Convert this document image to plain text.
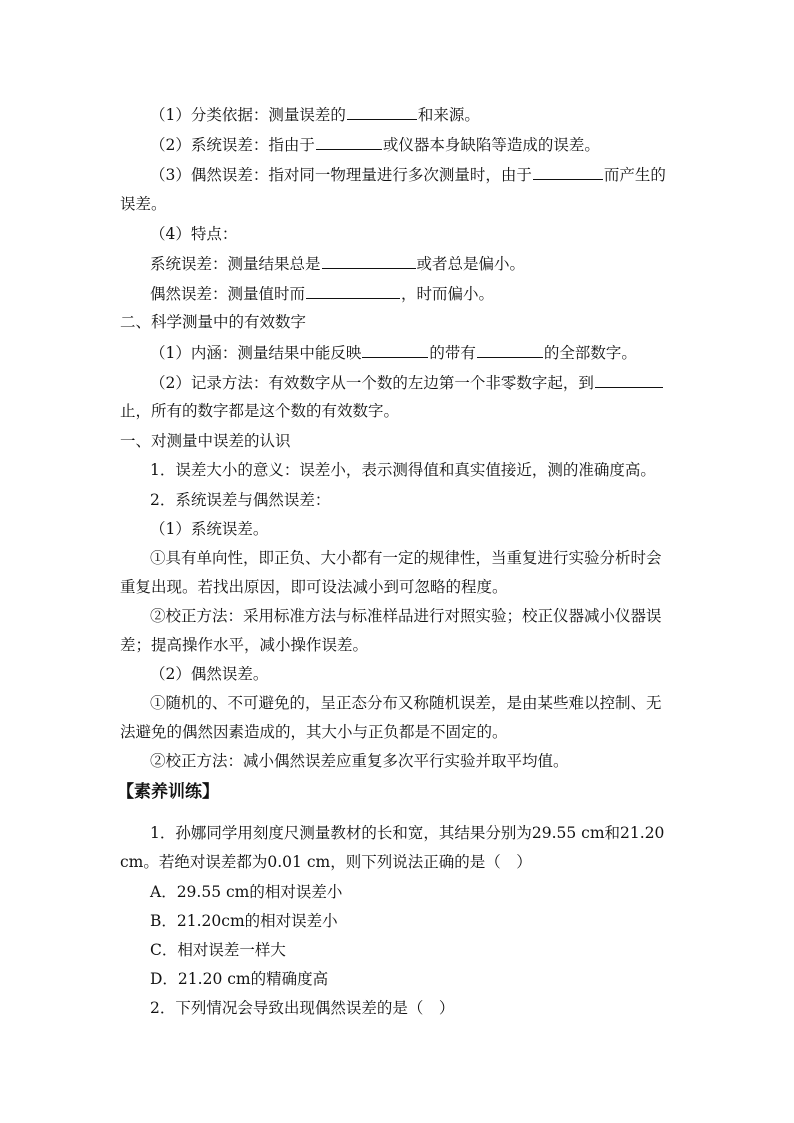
（1）分类依据：测量误差的	和来源。
（2）系统误差：指由于	或仪器本身缺陷等造成的误差。
（3）偶然误差：指对同一物理量进行多次测量时，由于	而产生的
误差。
（4）特点：
系统误差：测量结果总是	或者总是偏小。
偶然误差：测量值时而	，时而偏小。
二、科学测量中的有效数字
（1）内涵：测量结果中能反映	的带有	的全部数字。
（2）记录方法：有效数字从一个数的左边第一个非零数字起，到
止，所有的数字都是这个数的有效数字。
一、对测量中误差的认识
1．误差大小的意义：误差小，表示测得值和真实值接近，测的准确度高。
2．系统误差与偶然误差：
（1）系统误差。
①具有单向性，即正负、大小都有一定的规律性，当重复进行实验分析时会
重复出现。若找出原因，即可设法减小到可忽略的程度。
②校正方法：采用标准方法与标准样品进行对照实验；校正仪器减小仪器误
差；提高操作水平，减小操作误差。
（2）偶然误差。
①随机的、不可避免的，呈正态分布又称随机误差，是由某些难以控制、无
法避免的偶然因素造成的，其大小与正负都是不固定的。
②校正方法：减小偶然误差应重复多次平行实验并取平均值。
【素养训练】
1．孙娜同学用刻度尺测量教材的长和宽，其结果分别为29.55 cm和21.20
cm。若绝对误差都为0.01 cm，则下列说法正确的是（　）
A．29.55 cm的相对误差小
B．21.20cm的相对误差小
C．相对误差一样大
D．21.20 cm的精确度高
2．下列情况会导致出现偶然误差的是（　）
